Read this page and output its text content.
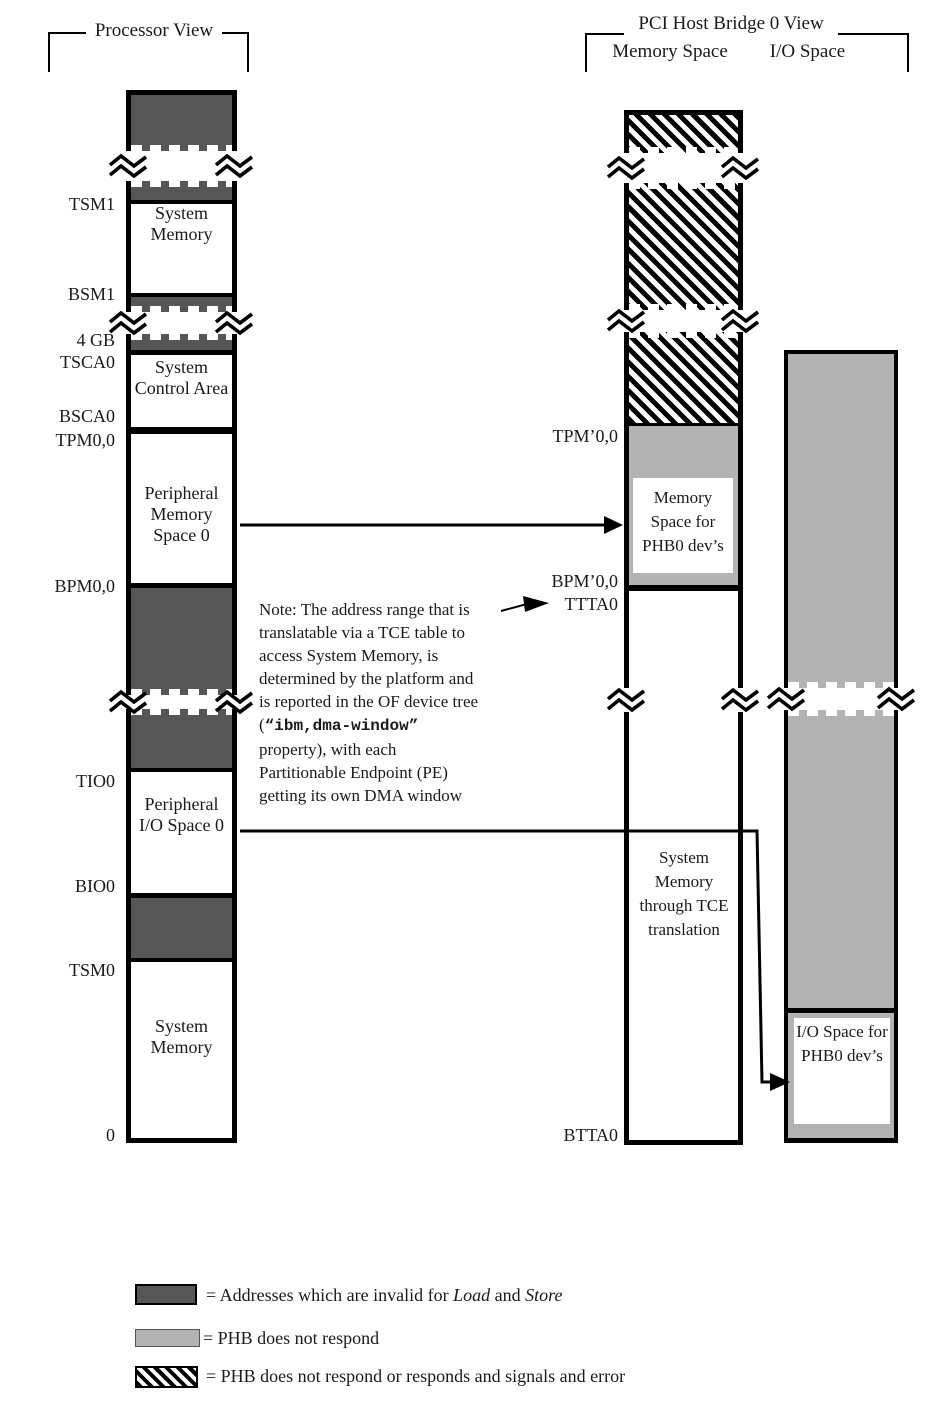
Processor View	PCI Host Bridge 0 View
Memory Space	I/O Space
TSM1
BSM1
4 GB
TSCA0
BSCA0
TPM0,0
BPM0,0
TIO0
BIO0
TSM0
0
System Memory
System Control Area
Peripheral Memory Space 0
Peripheral I/O Space 0
System Memory
Memory Space for PHB0 dev’s
TPM’0,0
BPM’0,0
TTTA0
BTTA0
System Memory through TCE translation
I/O Space for PHB0 dev’s
Note: The address range that is
translatable via a TCE table to
access System Memory, is
determined by the platform and
is reported in the OF device tree
(“ibm,dma-window”
property), with each
Partitionable Endpoint (PE)
getting its own DMA window
= Addresses which are invalid for Load and Store
= PHB does not respond
= PHB does not respond or responds and signals and error
